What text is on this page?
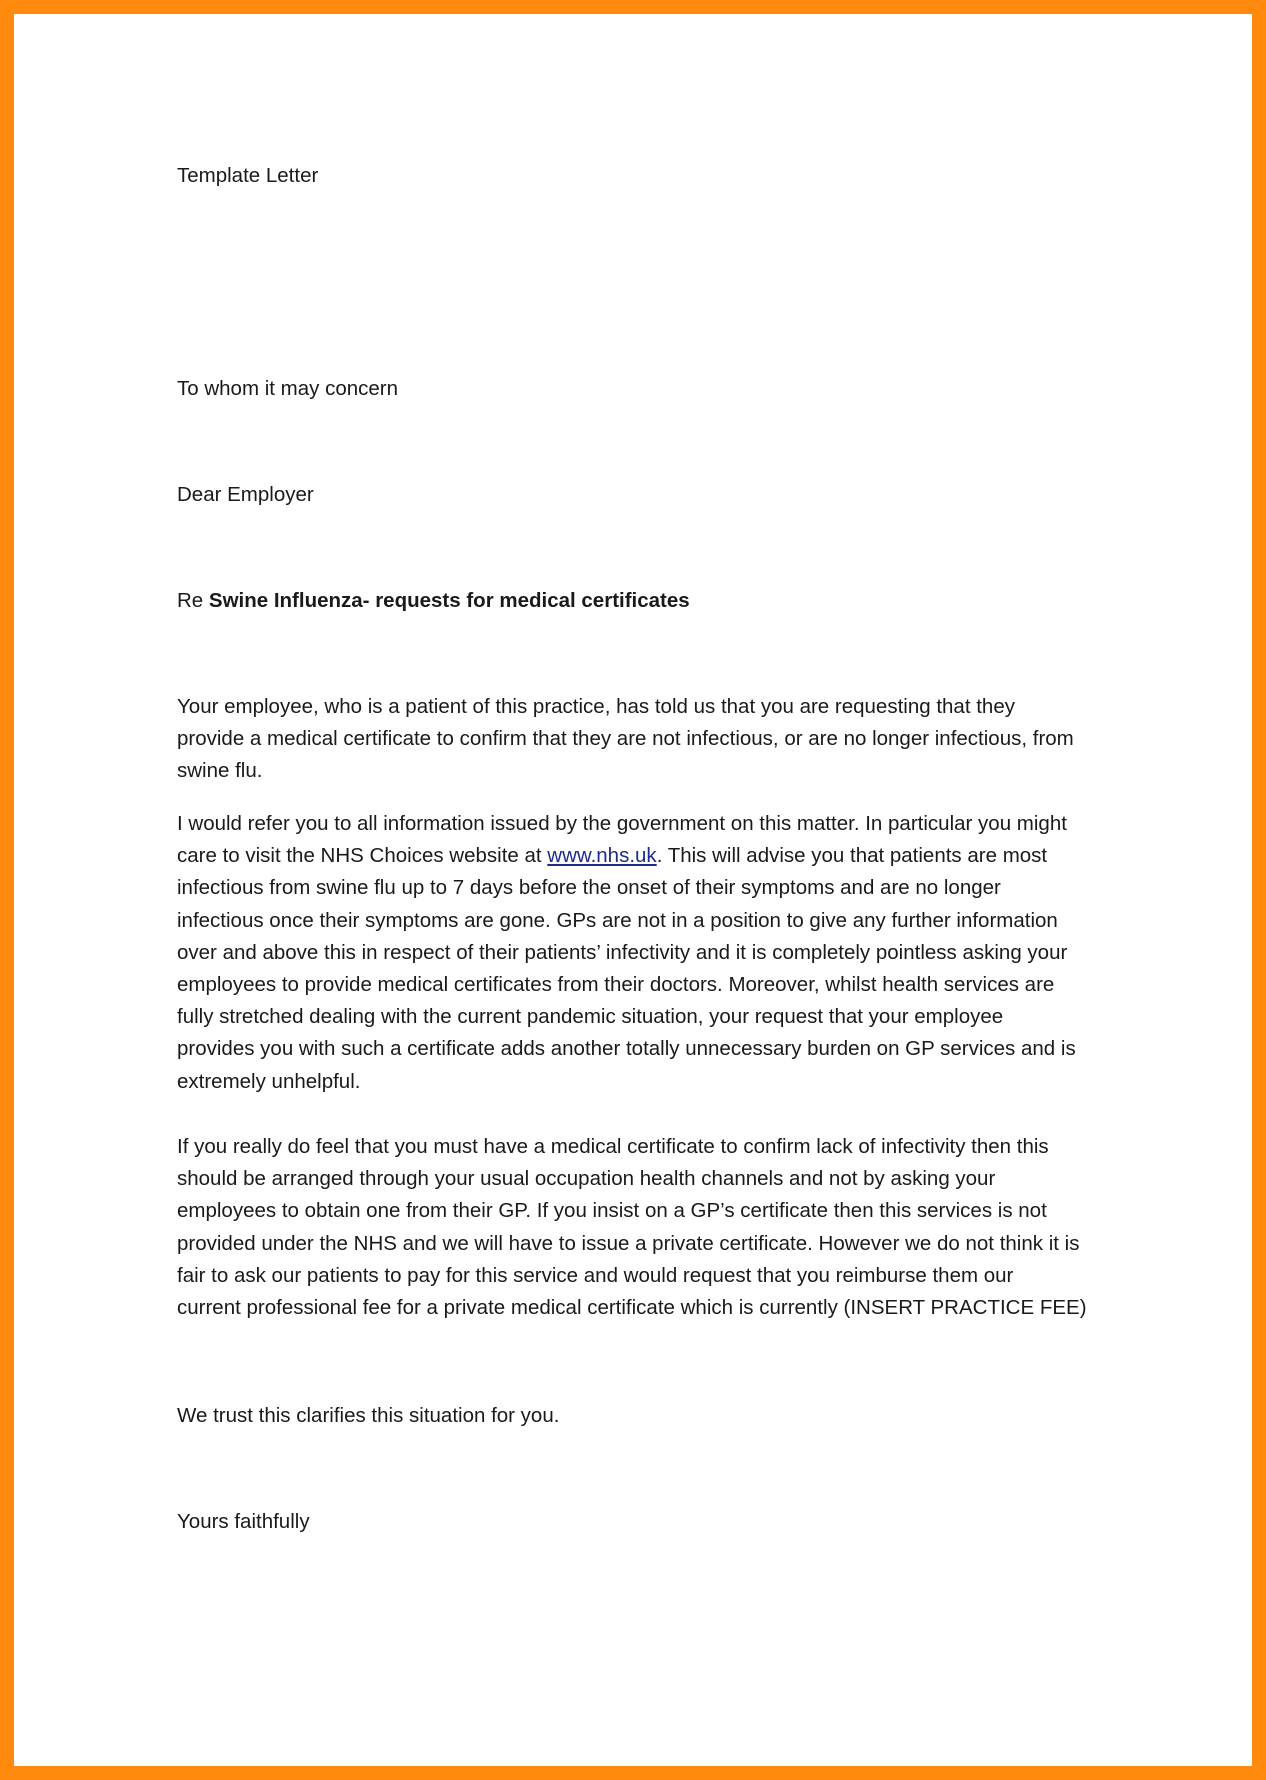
Template Letter

To whom it may concern

Dear Employer

Re Swine Influenza- requests for medical certificates

Your employee, who is a patient of this practice, has told us that you are requesting that they
provide a medical certificate to confirm that they are not infectious, or are no longer infectious, from
swine flu.
I would refer you to all information issued by the government on this matter. In particular you might
care to visit the NHS Choices website at www.nhs.uk. This will advise you that patients are most
infectious from swine flu up to 7 days before the onset of their symptoms and are no longer
infectious once their symptoms are gone. GPs are not in a position to give any further information
over and above this in respect of their patients’ infectivity and it is completely pointless asking your
employees to provide medical certificates from their doctors. Moreover, whilst health services are
fully stretched dealing with the current pandemic situation, your request that your employee
provides you with such a certificate adds another totally unnecessary burden on GP services and is
extremely unhelpful.
If you really do feel that you must have a medical certificate to confirm lack of infectivity then this
should be arranged through your usual occupation health channels and not by asking your
employees to obtain one from their GP. If you insist on a GP’s certificate then this services is not
provided under the NHS and we will have to issue a private certificate. However we do not think it is
fair to ask our patients to pay for this service and would request that you reimburse them our
current professional fee for a private medical certificate which is currently (INSERT PRACTICE FEE)

We trust this clarifies this situation for you.

Yours faithfully
